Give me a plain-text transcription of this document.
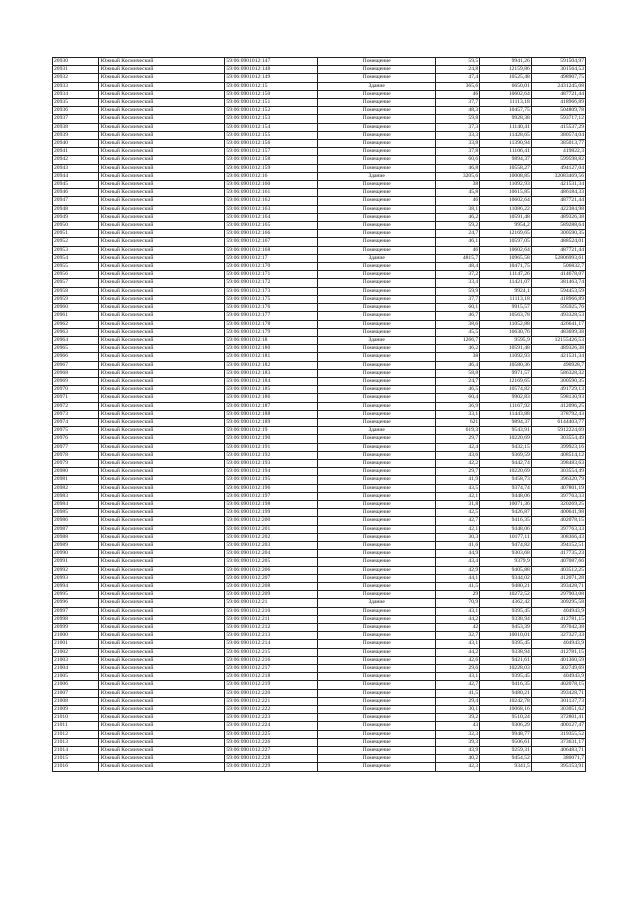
20930	Южный Космический	59:06:0901012:147	Помещение	59,5	9941,26	591504,97
20931	Южный Космический	59:06:0901012:148	Помещение	24,8	12159,86	301564,53
20932	Южный Космический	59:06:0901012:149	Помещение	47,4	10525,48	498907,75
20933	Южный Космический	59:06:0901012:15	Здание	365,6	6650,01	2431245,08
20934	Южный Космический	59:06:0901012:150	Помещение	46	10602,64	487721,44
20935	Южный Космический	59:06:0901012:151	Помещение	37,7	11113,18	418966,89
20936	Южный Космический	59:06:0901012:152	Помещение	48,3	10457,75	504809,78
20937	Южный Космический	59:06:0901012:153	Помещение	59,8	9928,38	593717,12
20938	Южный Космический	59:06:0901012:154	Помещение	37,3	11140,41	415537,29
20939	Южный Космический	59:06:0901012:155	Помещение	33,3	11428,65	380574,04
20940	Южный Космический	59:06:0901012:156	Помещение	33,8	11390,94	385013,77
20941	Южный Космический	59:06:0901012:157	Помещение	37,8	11106,41	419822,3
20942	Южный Космический	59:06:0901012:158	Помещение	60,6	9894,37	599598,82
20943	Южный Космический	59:06:0901012:159	Помещение	46,8	10558,27	494127,04
20944	Южный Космический	59:06:0901012:16	Здание	3205,6	10008,85	32083469,56
20945	Южный Космический	59:06:0901012:160	Помещение	38	11092,93	421531,34
20946	Южный Космический	59:06:0901012:161	Помещение	45,8	10615,85	486184,33
20947	Южный Космический	59:06:0901012:162	Помещение	46	10602,64	487721,44
20948	Южный Космический	59:06:0901012:163	Помещение	38,1	11086,22	422384,98
20949	Южный Космический	59:06:0901012:164	Помещение	46,2	10591,48	489326,38
20950	Южный Космический	59:06:0901012:165	Помещение	59,2	9954,2	589288,64
20951	Южный Космический	59:06:0901012:166	Помещение	24,7	12169,65	300590,35
20952	Южный Космический	59:06:0901012:167	Помещение	46,1	10597,05	488524,01
20953	Южный Космический	59:06:0901012:168	Помещение	46	10602,64	487721,44
20954	Южный Космический	59:06:0901012:17	Здание	4815,7	10965,58	52806993,61
20955	Южный Космический	59:06:0901012:170	Помещение	48,4	10471,75	506832,7
20956	Южный Космический	59:06:0901012:171	Помещение	37,2	11147,26	414678,07
20957	Южный Космический	59:06:0901012:172	Помещение	33,4	11421,07	381463,74
20958	Южный Космический	59:06:0901012:173	Помещение	59,9	9924,1	594453,59
20959	Южный Космический	59:06:0901012:175	Помещение	37,7	11113,18	418966,89
20960	Южный Космический	59:06:0901012:176	Помещение	60,1	9915,57	595925,76
20961	Южный Космический	59:06:0901012:177	Помещение	46,7	10563,78	493328,53
20962	Южный Космический	59:06:0901012:178	Помещение	38,6	11052,88	426641,17
20963	Южный Космический	59:06:0901012:179	Помещение	45,5	10630,76	483699,38
20964	Южный Космический	59:06:0901012:18	Здание	1266,7	9595,9	12155426,53
20965	Южный Космический	59:06:0901012:180	Помещение	46,2	10591,48	489326,38
20966	Южный Космический	59:06:0901012:181	Помещение	38	11092,93	421531,34
20967	Южный Космический	59:06:0901012:182	Помещение	46,4	10580,36	490928,7
20968	Южный Космический	59:06:0901012:183	Помещение	58,8	9971,57	586328,32
20969	Южный Космический	59:06:0901012:184	Помещение	24,7	12169,65	300590,35
20970	Южный Космический	59:06:0901012:185	Помещение	46,5	10574,82	491729,13
20971	Южный Космический	59:06:0901012:186	Помещение	60,4	9902,83	598130,93
20972	Южный Космический	59:06:0901012:187	Помещение	36,9	11167,92	412096,25
20973	Южный Космический	59:06:0901012:188	Помещение	33,1	11443,88	378792,43
20974	Южный Космический	59:06:0901012:189	Помещение	621	9894,37	6144403,77
20975	Южный Космический	59:06:0901012:19	Здание	619,3	9543,91	5912224,69
20976	Южный Космический	59:06:0901012:190	Помещение	29,7	10220,69	303554,49
20977	Южный Космический	59:06:0901012:191	Помещение	42,4	9432,15	399923,16
20978	Южный Космический	59:06:0901012:192	Помещение	43,6	9369,59	408514,12
20979	Южный Космический	59:06:0901012:193	Помещение	42,2	9442,74	398483,63
20980	Южный Космический	59:06:0901012:194	Помещение	29,7	10220,69	303554,49
20981	Южный Космический	59:06:0901012:195	Помещение	41,9	9458,73	396320,79
20982	Южный Космический	59:06:0901012:196	Помещение	43,5	9374,74	407801,19
20983	Южный Космический	59:06:0901012:197	Помещение	42,1	9448,06	397763,33
20984	Южный Космический	59:06:0901012:198	Помещение	31,8	10071,36	320269,25
20985	Южный Космический	59:06:0901012:199	Помещение	42,5	9426,87	400641,98
20986	Южный Космический	59:06:0901012:200	Помещение	42,7	9416,35	402078,15
20987	Южный Космический	59:06:0901012:201	Помещение	42,1	9448,06	397763,33
20988	Южный Космический	59:06:0901012:202	Помещение	30,3	10177,11	308366,43
20989	Южный Космический	59:06:0901012:203	Помещение	41,6	9474,82	394152,51
20990	Южный Космический	59:06:0901012:204	Помещение	44,9	9303,68	417735,23
20991	Южный Космический	59:06:0901012:205	Помещение	43,4	9379,9	407087,66
20992	Южный Космический	59:06:0901012:206	Помещение	42,9	9405,88	403512,25
20993	Южный Космический	59:06:0901012:207	Помещение	44,1	9344,02	412071,28
20994	Южный Космический	59:06:0901012:208	Помещение	41,5	9480,21	393428,71
20995	Южный Космический	59:06:0901012:209	Помещение	29	10272,52	297903,08
20996	Южный Космический	59:06:0901012:21	Здание	70,9	4362,42	309295,58
20997	Южный Космический	59:06:0901012:210	Помещение	43,1	9395,45	404943,9
20998	Южный Космический	59:06:0901012:211	Помещение	44,2	9338,94	412781,15
20999	Южный Космический	59:06:0901012:212	Помещение	42	9453,39	397042,38
21000	Южный Космический	59:06:0901012:213	Помещение	32,7	10010,01	327327,33
21001	Южный Космический	59:06:0901012:214	Помещение	43,1	9395,45	404943,9
21002	Южный Космический	59:06:0901012:215	Помещение	44,2	9338,94	412781,15
21003	Южный Космический	59:06:0901012:216	Помещение	42,6	9421,61	401360,59
21004	Южный Космический	59:06:0901012:217	Помещение	29,6	10228,03	302749,69
21005	Южный Космический	59:06:0901012:218	Помещение	43,1	9395,45	404943,9
21006	Южный Космический	59:06:0901012:219	Помещение	42,7	9416,35	402078,15
21007	Южный Космический	59:06:0901012:220	Помещение	41,5	9480,21	393428,71
21008	Южный Космический	59:06:0901012:221	Помещение	29,4	10242,78	301137,73
21009	Южный Космический	59:06:0901012:222	Помещение	30,1	10068,16	303051,62
21010	Южный Космический	59:06:0901012:223	Помещение	39,2	9510,24	372801,41
21011	Южный Космический	59:06:0901012:224	Помещение	43	9306,29	400127,47
21012	Южный Космический	59:06:0901012:225	Помещение	32,3	9948,77	319355,52
21013	Южный Космический	59:06:0901012:226	Помещение	39,3	9506,61	373631,17
21014	Южный Космический	59:06:0901012:227	Помещение	43,9	9259,31	406483,71
21015	Южный Космический	59:06:0901012:228	Помещение	40,2	9454,52	380071,7
21016	Южный Космический	59:06:0901012:229	Помещение	42,3	9341,5	395153,91
